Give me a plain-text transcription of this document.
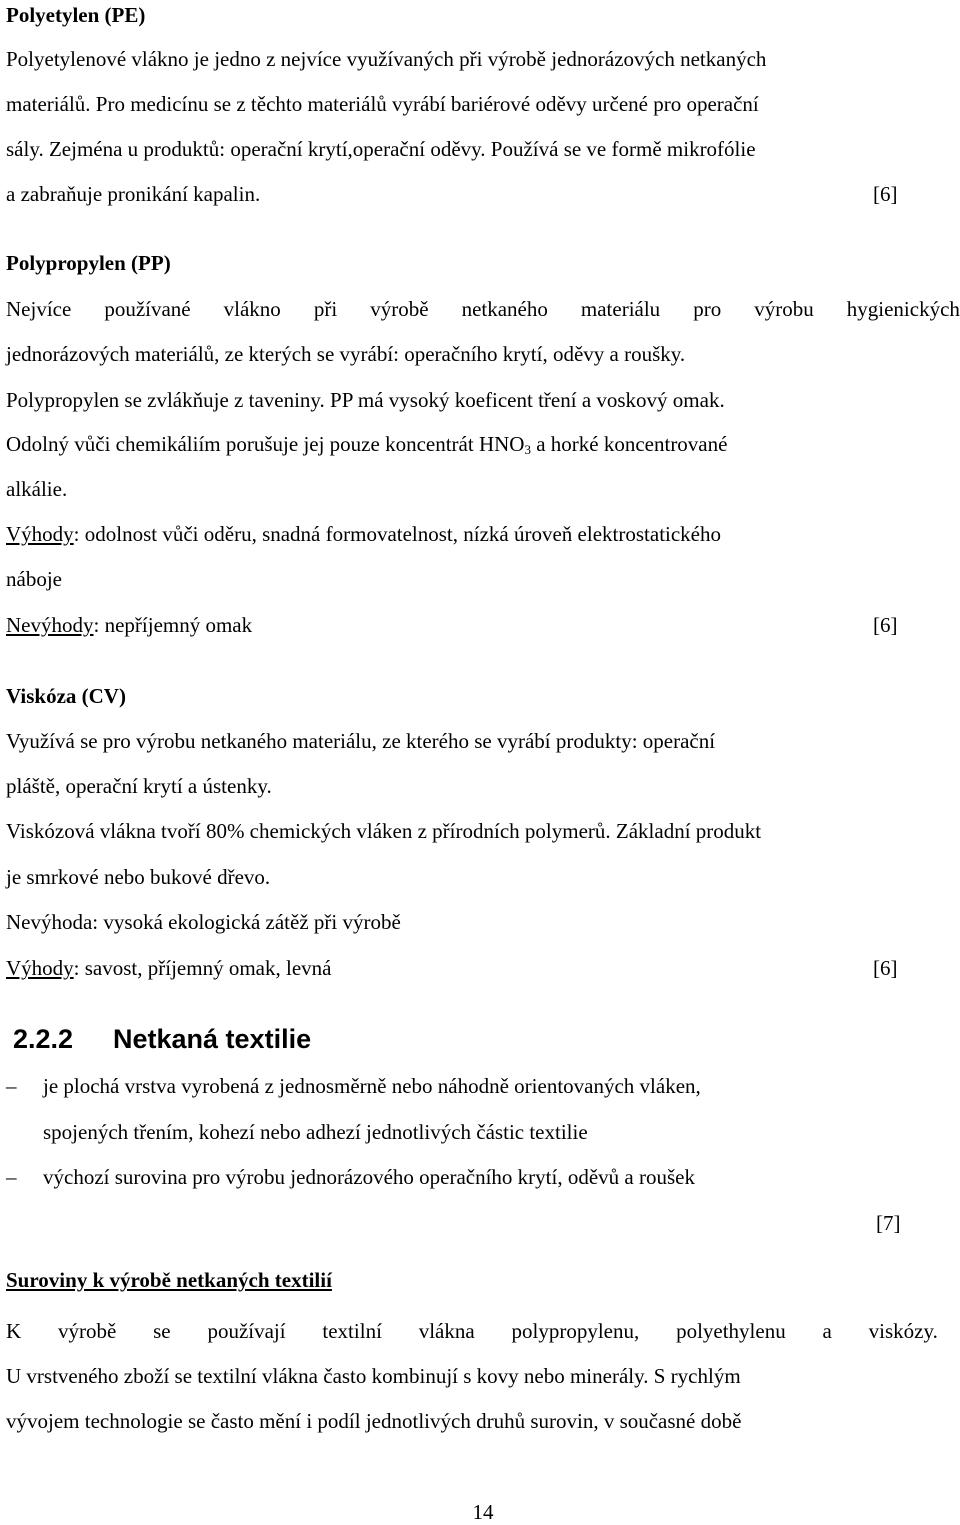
Polyetylen (PE)
Polyetylenové vlákno je jedno z nejvíce využívaných při výrobě jednorázových netkaných
materiálů. Pro medicínu se z těchto materiálů vyrábí bariérové oděvy určené pro operační
sály. Zejména u produktů: operační krytí,operační oděvy. Používá se ve formě mikrofólie
a zabraňuje pronikání kapalin.	[6]
Polypropylen (PP)
Nejvíce používané vlákno při výrobě netkaného materiálu pro výrobu hygienických
jednorázových materiálů, ze kterých se vyrábí: operačního krytí, oděvy a roušky.
Polypropylen se zvlákňuje z taveniny. PP má vysoký koeficent tření a voskový omak.
Odolný vůči chemikáliím porušuje jej pouze koncentrát $HNO_3$ a horké koncentrované
alkálie.
Výhody: odolnost vůči oděru, snadná formovatelnost, nízká úroveň elektrostatického
náboje
Nevýhody: nepříjemný omak	[6]
Viskóza (CV)
Využívá se pro výrobu netkaného materiálu, ze kterého se vyrábí produkty: operační
pláště, operační krytí a ústenky.
Viskózová vlákna tvoří 80% chemických vláken z přírodních polymerů. Základní produkt
je smrkové nebo bukové dřevo.
Nevýhoda: vysoká ekologická zátěž při výrobě
Výhody: savost, příjemný omak, levná	[6]
2.2.2 Netkaná textilie
– je plochá vrstva vyrobená z jednosměrně nebo náhodně orientovaných vláken,
spojených třením, kohezí nebo adhezí jednotlivých částic textilie
– výchozí surovina pro výrobu jednorázového operačního krytí, oděvů a roušek
[7]
Suroviny k výrobě netkaných textilií
K výrobě se používají textilní vlákna polypropylenu, polyethylenu a viskózy.
U vrstveného zboží se textilní vlákna často kombinují s kovy nebo minerály. S rychlým
vývojem technologie se často mění i podíl jednotlivých druhů surovin, v současné době
14
